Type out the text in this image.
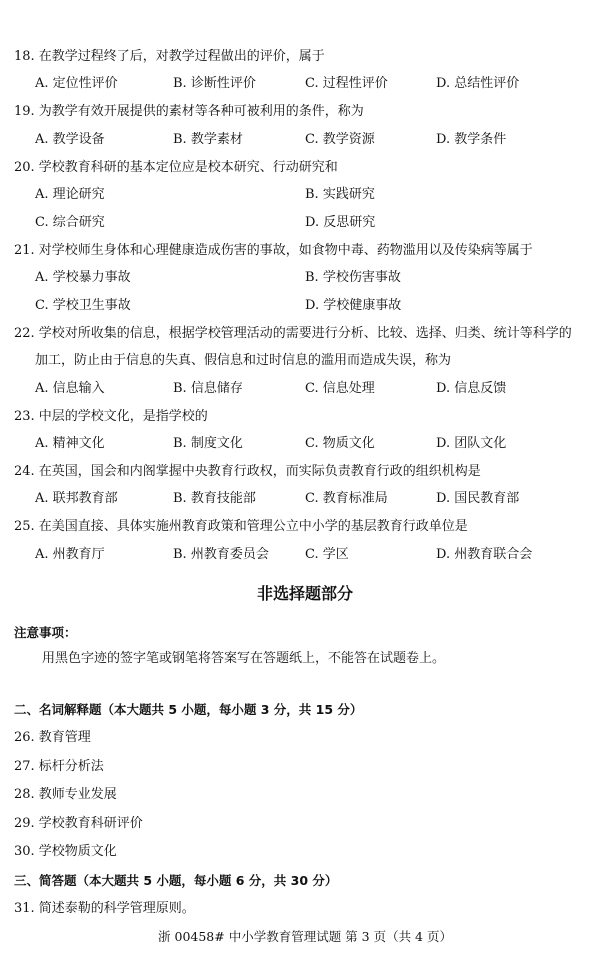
18. 在教学过程终了后，对教学过程做出的评价，属于
A. 定位性评价	B. 诊断性评价	C. 过程性评价	D. 总结性评价
19. 为教学有效开展提供的素材等各种可被利用的条件，称为
A. 教学设备	B. 教学素材	C. 教学资源	D. 教学条件
20. 学校教育科研的基本定位应是校本研究、行动研究和
A. 理论研究	B. 实践研究
C. 综合研究	D. 反思研究
21. 对学校师生身体和心理健康造成伤害的事故，如食物中毒、药物滥用以及传染病等属于
A. 学校暴力事故	B. 学校伤害事故
C. 学校卫生事故	D. 学校健康事故
22. 学校对所收集的信息，根据学校管理活动的需要进行分析、比较、选择、归类、统计等科学的
加工，防止由于信息的失真、假信息和过时信息的滥用而造成失误，称为
A. 信息输入	B. 信息储存	C. 信息处理	D. 信息反馈
23. 中层的学校文化，是指学校的
A. 精神文化	B. 制度文化	C. 物质文化	D. 团队文化
24. 在英国，国会和内阁掌握中央教育行政权，而实际负责教育行政的组织机构是
A. 联邦教育部	B. 教育技能部	C. 教育标准局	D. 国民教育部
25. 在美国直接、具体实施州教育政策和管理公立中小学的基层教育行政单位是
A. 州教育厅	B. 州教育委员会	C. 学区	D. 州教育联合会
非选择题部分
注意事项：
用黑色字迹的签字笔或钢笔将答案写在答题纸上，不能答在试题卷上。
二、名词解释题（本大题共 5 小题，每小题 3 分，共 15 分）
26. 教育管理
27. 标杆分析法
28. 教师专业发展
29. 学校教育科研评价
30. 学校物质文化
三、简答题（本大题共 5 小题，每小题 6 分，共 30 分）
31. 简述泰勒的科学管理原则。
浙 00458# 中小学教育管理试题 第 3 页（共 4 页）
